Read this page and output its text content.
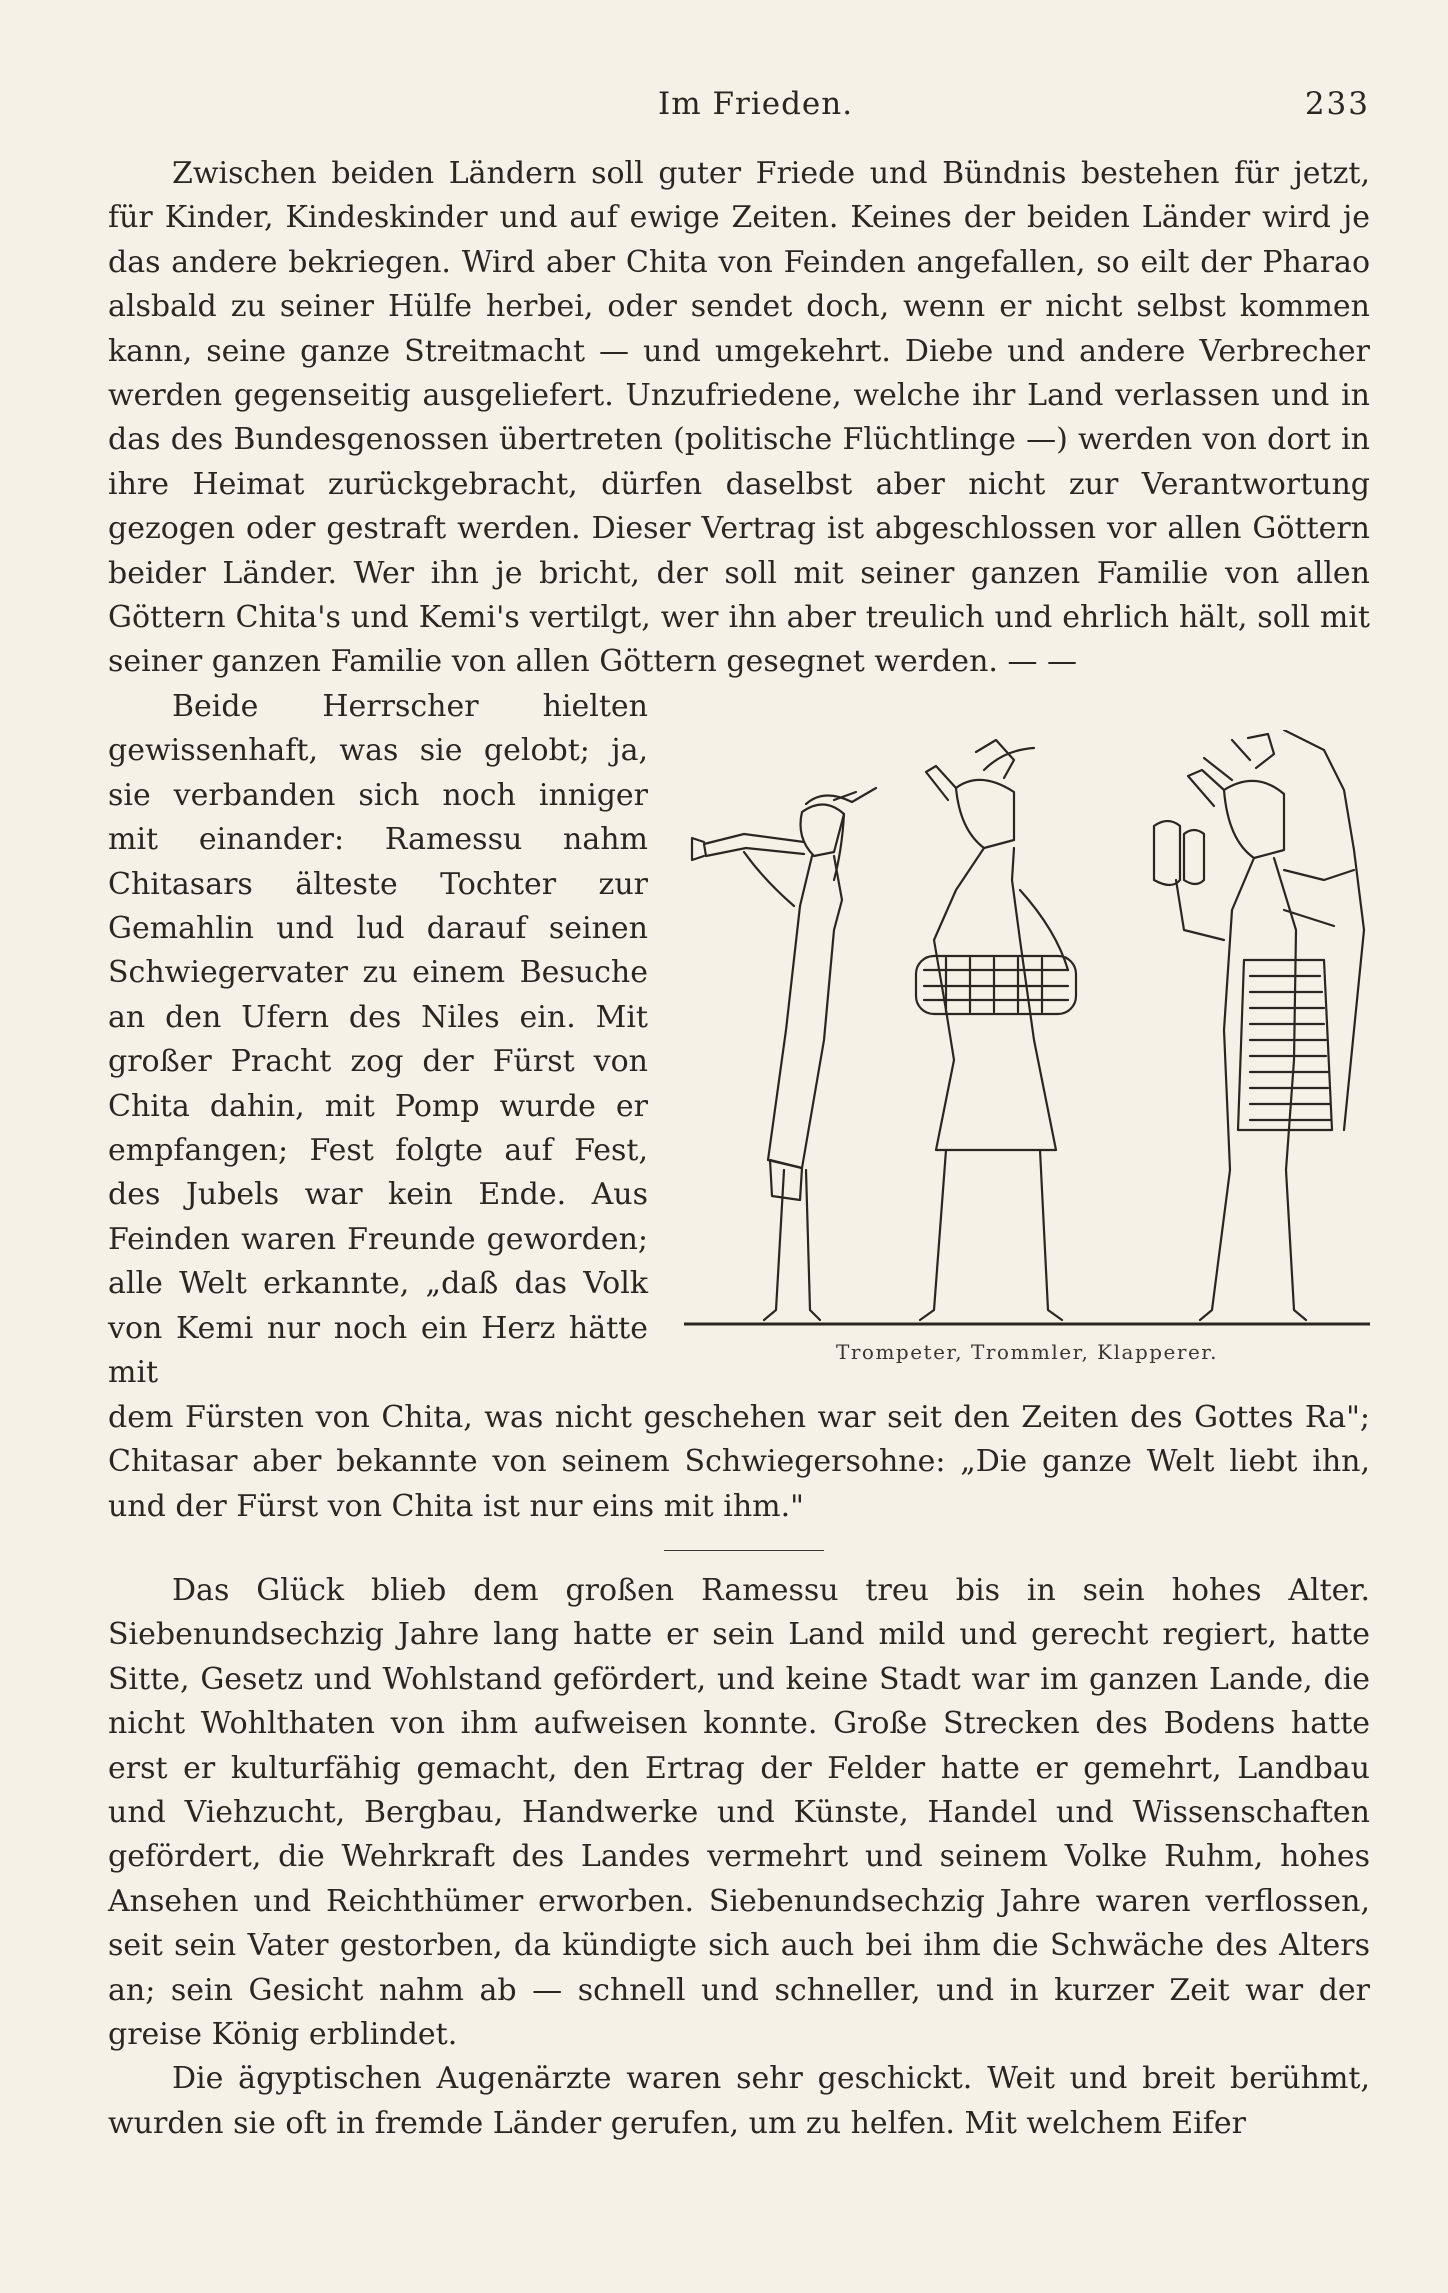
Im Frieden.	233

Zwischen beiden Ländern soll guter Friede und Bündnis bestehen für jetzt, für Kinder, Kindeskinder und auf ewige Zeiten. Keines der beiden Länder wird je das andere bekriegen. Wird aber Chita von Feinden angefallen, so eilt der Pharao alsbald zu seiner Hülfe herbei, oder sendet doch, wenn er nicht selbst kommen kann, seine ganze Streitmacht — und umgekehrt. Diebe und andere Verbrecher werden gegenseitig ausgeliefert. Unzufriedene, welche ihr Land verlassen und in das des Bundesgenossen übertreten (politische Flüchtlinge —) werden von dort in ihre Heimat zurückgebracht, dürfen daselbst aber nicht zur Verantwortung gezogen oder gestraft werden. Dieser Vertrag ist abgeschlossen vor allen Göttern beider Länder. Wer ihn je bricht, der soll mit seiner ganzen Familie von allen Göttern Chita's und Kemi's vertilgt, wer ihn aber treulich und ehrlich hält, soll mit seiner ganzen Familie von allen Göttern gesegnet werden. — —

Beide Herrscher hielten gewissenhaft, was sie gelobt; ja, sie verbanden sich noch inniger mit einander: Ramessu nahm Chitasars älteste Tochter zur Gemahlin und lud darauf seinen Schwiegervater zu einem Besuche an den Ufern des Niles ein. Mit großer Pracht zog der Fürst von Chita dahin, mit Pomp wurde er empfangen; Fest folgte auf Fest, des Jubels war kein Ende. Aus Feinden waren Freunde geworden; alle Welt erkannte, „daß das Volk von Kemi nur noch ein Herz hätte mit

Trompeter, Trommler, Klapperer.

dem Fürsten von Chita, was nicht geschehen war seit den Zeiten des Gottes Ra"; Chitasar aber bekannte von seinem Schwiegersohne: „Die ganze Welt liebt ihn, und der Fürst von Chita ist nur eins mit ihm."

Das Glück blieb dem großen Ramessu treu bis in sein hohes Alter. Siebenundsechzig Jahre lang hatte er sein Land mild und gerecht regiert, hatte Sitte, Gesetz und Wohlstand gefördert, und keine Stadt war im ganzen Lande, die nicht Wohlthaten von ihm aufweisen konnte. Große Strecken des Bodens hatte erst er kulturfähig gemacht, den Ertrag der Felder hatte er gemehrt, Landbau und Viehzucht, Bergbau, Handwerke und Künste, Handel und Wissenschaften gefördert, die Wehrkraft des Landes vermehrt und seinem Volke Ruhm, hohes Ansehen und Reichthümer erworben. Siebenundsechzig Jahre waren verflossen, seit sein Vater gestorben, da kündigte sich auch bei ihm die Schwäche des Alters an; sein Gesicht nahm ab — schnell und schneller, und in kurzer Zeit war der greise König erblindet.

Die ägyptischen Augenärzte waren sehr geschickt. Weit und breit berühmt, wurden sie oft in fremde Länder gerufen, um zu helfen. Mit welchem Eifer
